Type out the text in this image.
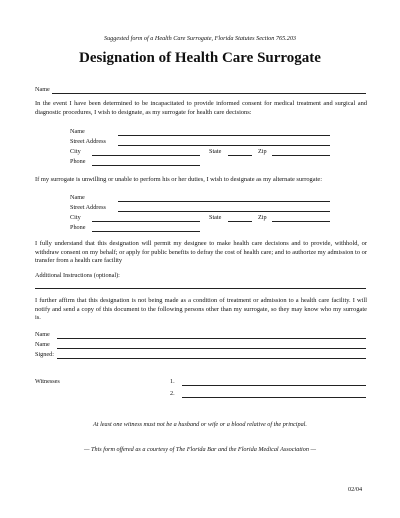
Suggested form of a Health Care Surrogate, Florida Statutes Section 765.203
Designation of Health Care Surrogate
Name
In the event I have been determined to be incapacitated to provide informed consent for medical treatment and surgical and diagnostic procedures, I wish to designate, as my surrogate for health care decisions:
Name
Street Address
City	State	Zip
Phone
If my surrogate is unwilling or unable to perform his or her duties, I wish to designate as my alternate surrogate:
Name
Street Address
City	State	Zip
Phone
I fully understand that this designation will permit my designee to make health care decisions and to provide, withhold, or withdraw consent on my behalf; or apply for public benefits to defray the cost of health care; and to authorize my admission to or transfer from a health care facility
Additional Instructions (optional):
I further affirm that this designation is not being made as a condition of treatment or admission to a health care facility. I will notify and send a copy of this document to the following persons other than my surrogate, so they may know who my surrogate is.
Name
Name
Signed:
Witnesses	1.
2.
At least one witness must not be a husband or wife or a blood relative of the principal.
— This form offered as a courtesy of The Florida Bar and the Florida Medical Association —
02/04
